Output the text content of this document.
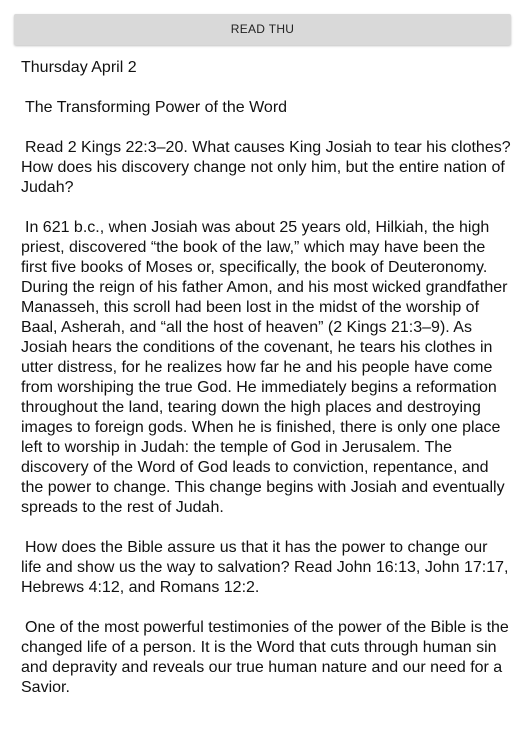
READ THU
Thursday April 2
The Transforming Power of the Word
Read 2 Kings 22:3–20. What causes King Josiah to tear his clothes? How does his discovery change not only him, but the entire nation of Judah?
In 621 b.c., when Josiah was about 25 years old, Hilkiah, the high priest, discovered “the book of the law,” which may have been the first five books of Moses or, specifically, the book of Deuteronomy. During the reign of his father Amon, and his most wicked grandfather Manasseh, this scroll had been lost in the midst of the worship of Baal, Asherah, and “all the host of heaven” (2 Kings 21:3–9). As Josiah hears the conditions of the covenant, he tears his clothes in utter distress, for he realizes how far he and his people have come from worshiping the true God. He immediately begins a reformation throughout the land, tearing down the high places and destroying images to foreign gods. When he is finished, there is only one place left to worship in Judah: the temple of God in Jerusalem. The discovery of the Word of God leads to conviction, repentance, and the power to change. This change begins with Josiah and eventually spreads to the rest of Judah.
How does the Bible assure us that it has the power to change our life and show us the way to salvation? Read John 16:13, John 17:17, Hebrews 4:12, and Romans 12:2.
One of the most powerful testimonies of the power of the Bible is the changed life of a person. It is the Word that cuts through human sin and depravity and reveals our true human nature and our need for a Savior.
